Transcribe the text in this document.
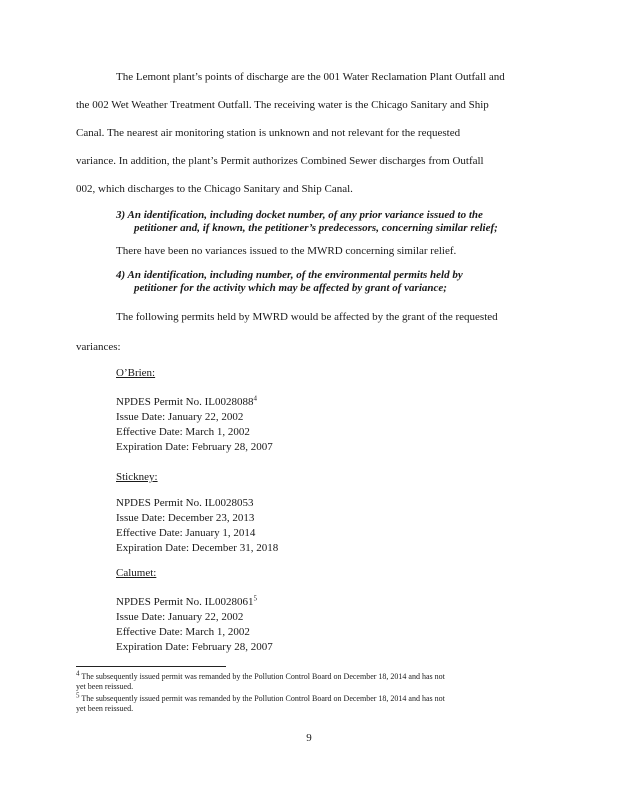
The Lemont plant’s points of discharge are the 001 Water Reclamation Plant Outfall and
the 002 Wet Weather Treatment Outfall. The receiving water is the Chicago Sanitary and Ship
Canal. The nearest air monitoring station is unknown and not relevant for the requested
variance. In addition, the plant’s Permit authorizes Combined Sewer discharges from Outfall
002, which discharges to the Chicago Sanitary and Ship Canal.
3) An identification, including docket number, of any prior variance issued to the
petitioner and, if known, the petitioner’s predecessors, concerning similar relief;
There have been no variances issued to the MWRD concerning similar relief.
4) An identification, including number, of the environmental permits held by
petitioner for the activity which may be affected by grant of variance;
The following permits held by MWRD would be affected by the grant of the requested
variances:
O’Brien:
NPDES Permit No. IL0028088$^4$
Issue Date: January 22, 2002
Effective Date: March 1, 2002
Expiration Date: February 28, 2007
Stickney:
NPDES Permit No. IL0028053
Issue Date: December 23, 2013
Effective Date: January 1, 2014
Expiration Date: December 31, 2018
Calumet:
NPDES Permit No. IL0028061$^5$
Issue Date: January 22, 2002
Effective Date: March 1, 2002
Expiration Date: February 28, 2007
4 The subsequently issued permit was remanded by the Pollution Control Board on December 18, 2014 and has not
yet been reissued.
5 The subsequently issued permit was remanded by the Pollution Control Board on December 18, 2014 and has not
yet been reissued.
9
